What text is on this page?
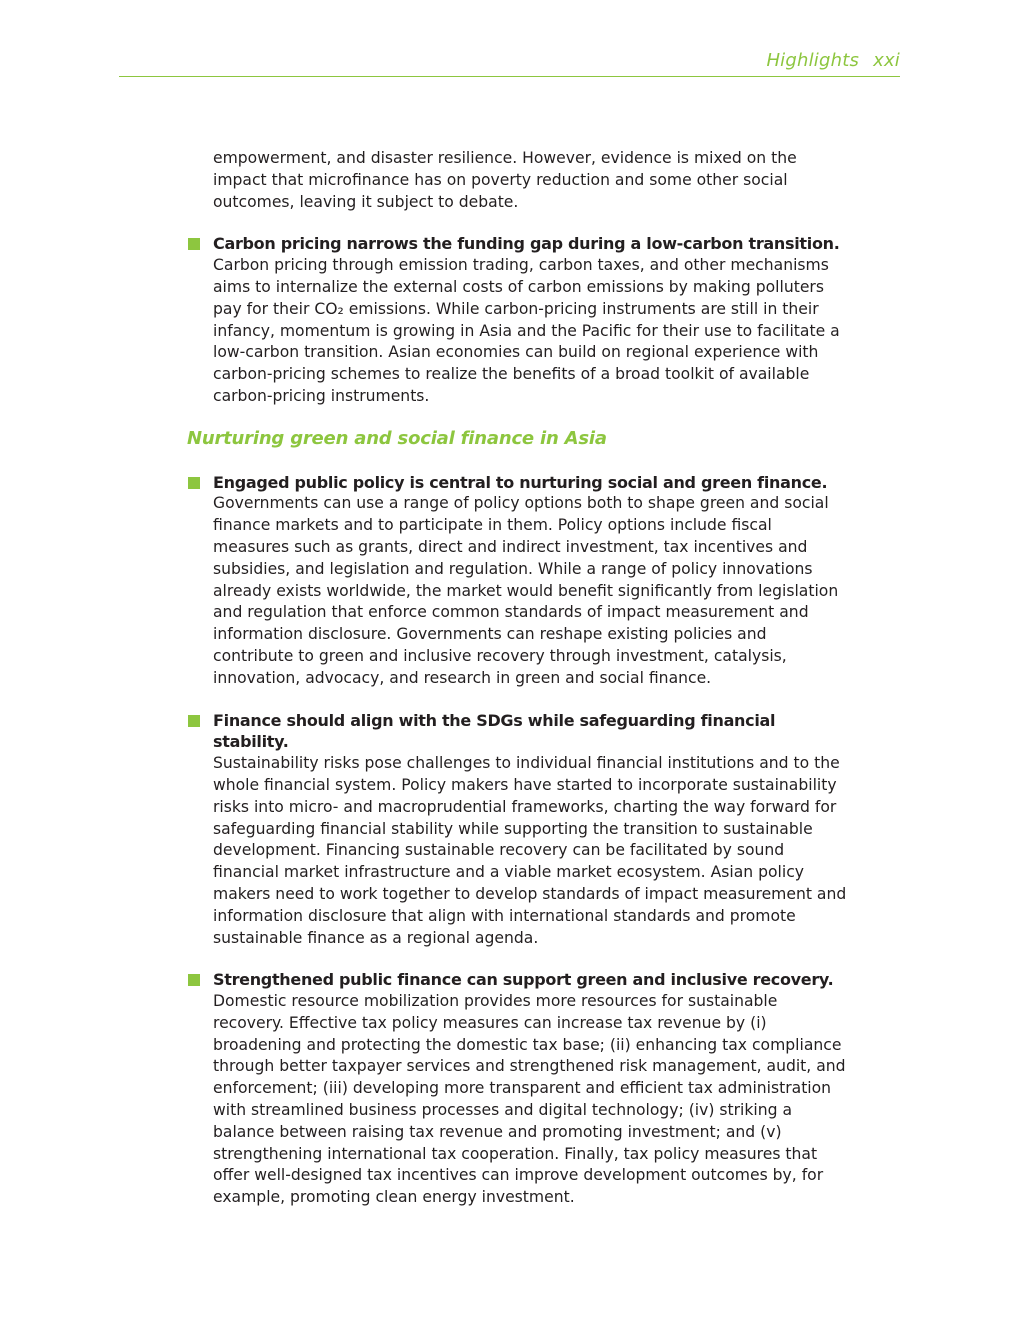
Highlights xxi

empowerment, and disaster resilience. However, evidence is mixed on the impact that microfinance has on poverty reduction and some other social outcomes, leaving it subject to debate.

Carbon pricing narrows the funding gap during a low-carbon transition.
Carbon pricing through emission trading, carbon taxes, and other mechanisms aims to internalize the external costs of carbon emissions by making polluters pay for their CO₂ emissions. While carbon-pricing instruments are still in their infancy, momentum is growing in Asia and the Pacific for their use to facilitate a low-carbon transition. Asian economies can build on regional experience with carbon-pricing schemes to realize the benefits of a broad toolkit of available carbon-pricing instruments.
Nurturing green and social finance in Asia
Engaged public policy is central to nurturing social and green finance.
Governments can use a range of policy options both to shape green and social finance markets and to participate in them. Policy options include fiscal measures such as grants, direct and indirect investment, tax incentives and subsidies, and legislation and regulation. While a range of policy innovations already exists worldwide, the market would benefit significantly from legislation and regulation that enforce common standards of impact measurement and information disclosure. Governments can reshape existing policies and contribute to green and inclusive recovery through investment, catalysis, innovation, advocacy, and research in green and social finance.
Finance should align with the SDGs while safeguarding financial stability.
Sustainability risks pose challenges to individual financial institutions and to the whole financial system. Policy makers have started to incorporate sustainability risks into micro- and macroprudential frameworks, charting the way forward for safeguarding financial stability while supporting the transition to sustainable development. Financing sustainable recovery can be facilitated by sound financial market infrastructure and a viable market ecosystem. Asian policy makers need to work together to develop standards of impact measurement and information disclosure that align with international standards and promote sustainable finance as a regional agenda.
Strengthened public finance can support green and inclusive recovery.
Domestic resource mobilization provides more resources for sustainable recovery. Effective tax policy measures can increase tax revenue by (i) broadening and protecting the domestic tax base; (ii) enhancing tax compliance through better taxpayer services and strengthened risk management, audit, and enforcement; (iii) developing more transparent and efficient tax administration with streamlined business processes and digital technology; (iv) striking a balance between raising tax revenue and promoting investment; and (v) strengthening international tax cooperation. Finally, tax policy measures that offer well-designed tax incentives can improve development outcomes by, for example, promoting clean energy investment.
